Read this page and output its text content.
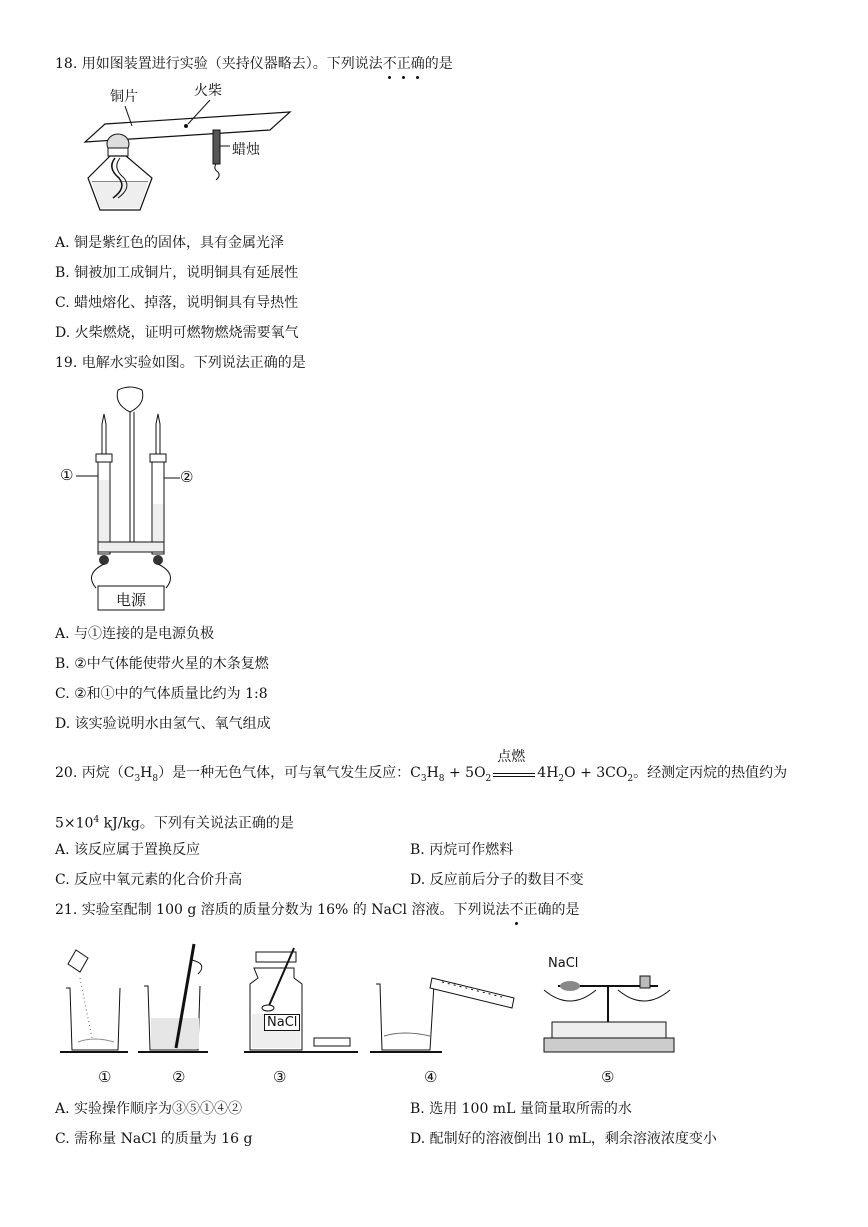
18. 用如图装置进行实验（夹持仪器略去）。下列说法不正确的是
铜片	火柴
蜡烛
A. 铜是紫红色的固体，具有金属光泽
B. 铜被加工成铜片，说明铜具有延展性
C. 蜡烛熔化、掉落，说明铜具有导热性
D. 火柴燃烧，证明可燃物燃烧需要氧气
19. 电解水实验如图。下列说法正确的是
①	②
电源
A. 与①连接的是电源负极
B. ②中气体能使带火星的木条复燃
C. ②和①中的气体质量比约为 1:8
D. 该实验说明水由氢气、氧气组成
20. 丙烷$(C_3H_8)$是一种无色气体，可与氧气发生反应：$C_3H_8 + 5O_2$
点燃
$4H_2O + 3CO_2$。经测定丙烷的热值约为
$5\times 10^4$ kJ/kg。下列有关说法正确的是
A. 该反应属于置换反应	B. 丙烷可作燃料
C. 反应中氧元素的化合价升高	D. 反应前后分子的数目不变
21. 实验室配制 100 g 溶质的质量分数为 16% 的 NaCl 溶液。下列说法不正确的是
NaCl
NaCl
①	②	③	④	⑤
A. 实验操作顺序为③⑤①④②	B. 选用 100 mL 量筒量取所需的水
C. 需称量 NaCl 的质量为 16 g	D. 配制好的溶液倒出 10 mL，剩余溶液浓度变小
